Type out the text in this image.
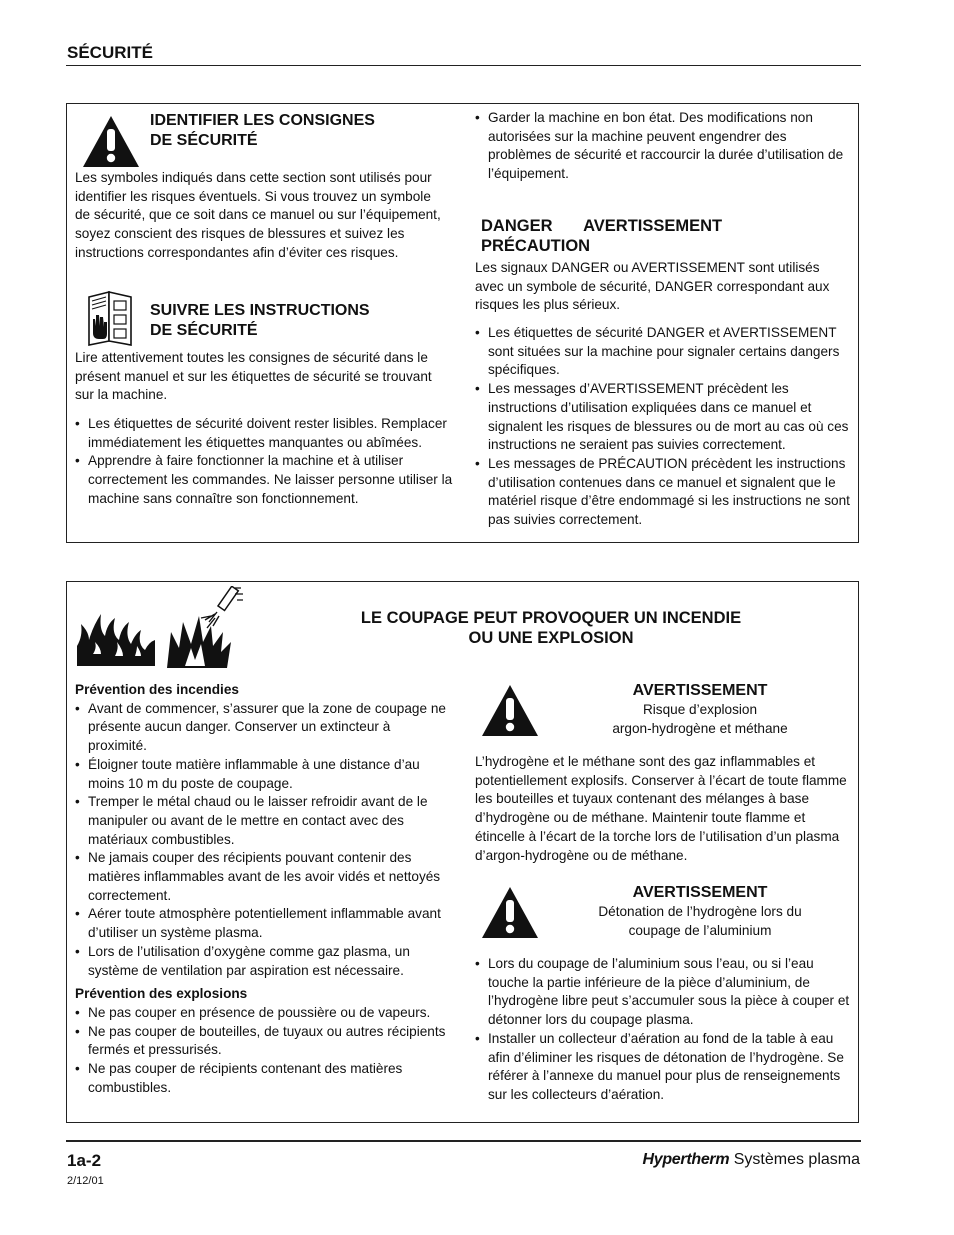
SÉCURITÉ
IDENTIFIER LES CONSIGNES
DE SÉCURITÉ

Les symboles indiqués dans cette section sont utilisés pour identifier les risques éventuels. Si vous trouvez un symbole de sécurité, que ce soit dans ce manuel ou sur l’équipement, soyez conscient des risques de blessures et suivez les instructions correspondantes afin d’éviter ces risques.

SUIVRE LES INSTRUCTIONS
DE SÉCURITÉ

Lire attentivement toutes les consignes de sécurité dans le présent manuel et sur les étiquettes de sécurité se trouvant sur la machine.

• Les étiquettes de sécurité doivent rester lisibles. Remplacer immédiatement les étiquettes manquantes ou abîmées.
• Apprendre à faire fonctionner la machine et à utiliser correctement les commandes. Ne laisser personne utiliser la machine sans connaître son fonctionnement.
• Garder la machine en bon état. Des modifications non autorisées sur la machine peuvent engendrer des problèmes de sécurité et raccourcir la durée d’utilisation de l’équipement.
DANGER AVERTISSEMENT  PRÉCAUTION

Les signaux DANGER ou AVERTISSEMENT sont utilisés avec un symbole de sécurité, DANGER correspondant aux risques les plus sérieux.

• Les étiquettes de sécurité DANGER et AVERTISSEMENT sont situées sur la machine pour signaler certains dangers spécifiques.
• Les messages d’AVERTISSEMENT précèdent les instructions d’utilisation expliquées dans ce manuel et signalent les risques de blessures ou de mort au cas où ces instructions ne seraient pas suivies correctement.
• Les messages de PRÉCAUTION précèdent les instructions d’utilisation contenues dans ce manuel et signalent que le matériel risque d’être endommagé si les instructions ne sont pas suivies correctement.
LE COUPAGE PEUT PROVOQUER UN INCENDIE
OU UNE EXPLOSION
Prévention des incendies
• Avant de commencer, s’assurer que la zone de coupage ne présente aucun danger. Conserver un extincteur à proximité.
• Éloigner toute matière inflammable à une distance d’au moins 10 m du poste de coupage.
• Tremper le métal chaud ou le laisser refroidir avant de le manipuler ou avant de le mettre en contact avec des matériaux combustibles.
• Ne jamais couper des récipients pouvant contenir des matières inflammables avant de les avoir vidés et nettoyés correctement.
• Aérer toute atmosphère potentiellement inflammable avant d’utiliser un système plasma.
• Lors de l’utilisation d’oxygène comme gaz plasma, un système de ventilation par aspiration est nécessaire.
Prévention des explosions
• Ne pas couper en présence de poussière ou de vapeurs.
• Ne pas couper de bouteilles, de tuyaux ou autres récipients fermés et pressurisés.
• Ne pas couper de récipients contenant des matières combustibles.
AVERTISSEMENT
Risque d’explosion
argon-hydrogène et méthane

L’hydrogène et le méthane sont des gaz inflammables et potentiellement explosifs. Conserver à l’écart de toute flamme les bouteilles et tuyaux contenant des mélanges à base d’hydrogène ou de méthane. Maintenir toute flamme et étincelle à l’écart de la torche lors de l’utilisation d’un plasma d’argon-hydrogène ou de méthane.

AVERTISSEMENT
Détonation de l’hydrogène lors du
coupage de l’aluminium
• Lors du coupage de l’aluminium sous l’eau, ou si l’eau touche la partie inférieure de la pièce d’aluminium, de l’hydrogène libre peut s’accumuler sous la pièce à couper et détonner lors du coupage plasma.
• Installer un collecteur d’aération au fond de la table à eau afin d’éliminer les risques de détonation de l’hydrogène. Se référer à l’annexe du manuel pour plus de renseignements sur les collecteurs d’aération.
1a-2
2/12/01
Hypertherm Systèmes plasma
